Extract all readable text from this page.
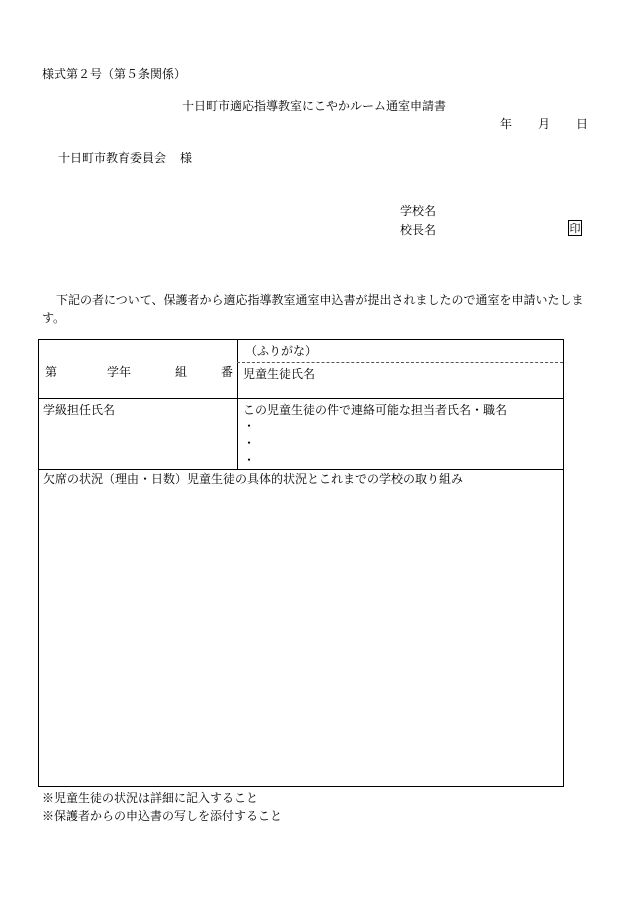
様式第２号（第５条関係）
十日町市適応指導教室にこやかルーム通室申請書
年 月 日
十日町市教育委員会 様
学校名
校長名	印
下記の者について、保護者から適応指導教室通室申込書が提出されましたので通室を申請いたします。
第	学年	組	番
（ふりがな）
児童生徒氏名
学級担任氏名	この児童生徒の件で連絡可能な担当者氏名・職名
・
・
・
欠席の状況（理由・日数）児童生徒の具体的状況とこれまでの学校の取り組み
※児童生徒の状況は詳細に記入すること
※保護者からの申込書の写しを添付すること
